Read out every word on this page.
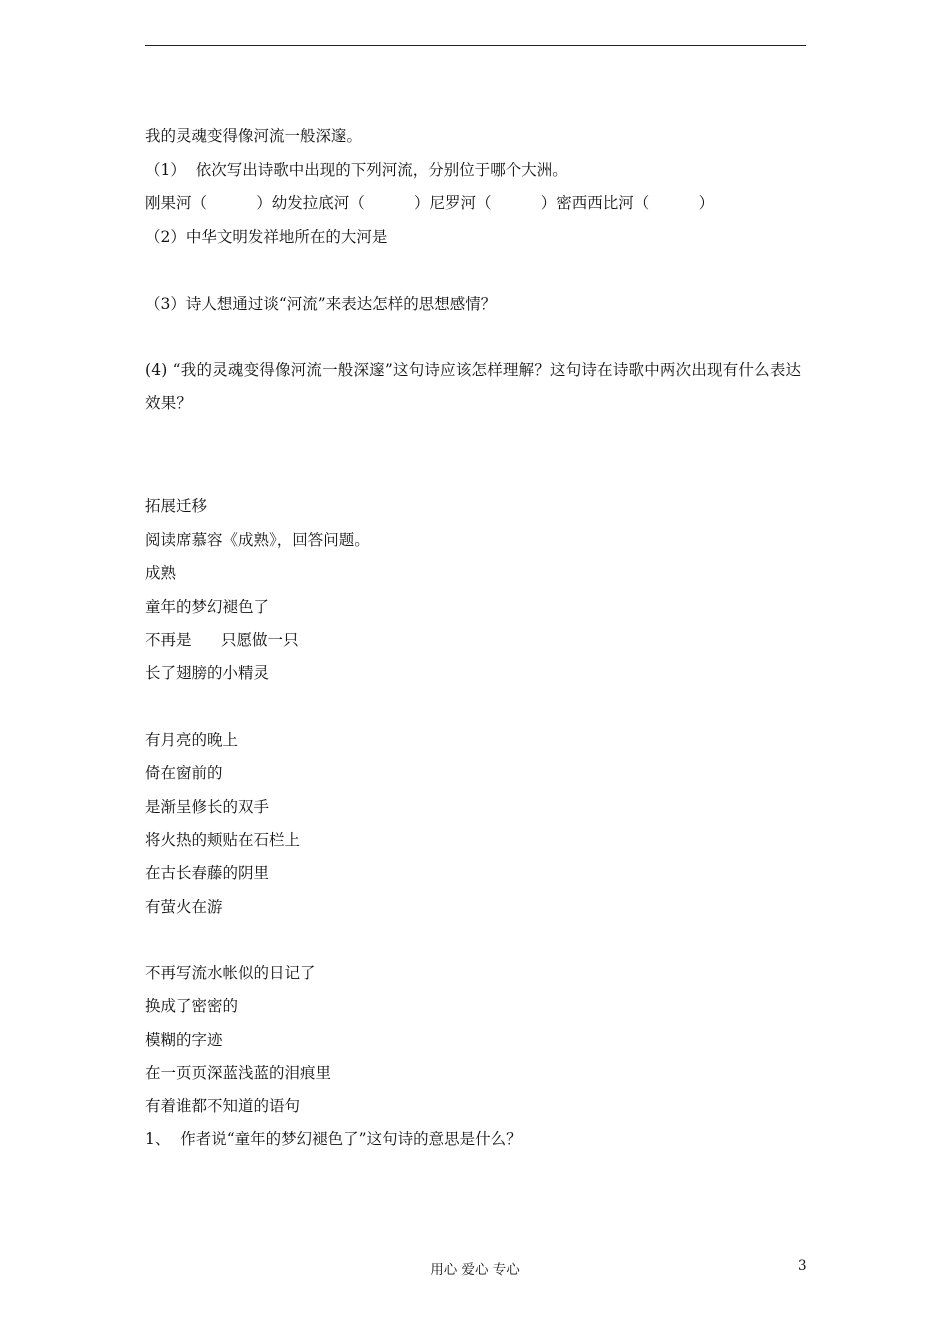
我的灵魂变得像河流一般深邃。
（1）  依次写出诗歌中出现的下列河流，分别位于哪个大洲。
刚果河（          ）幼发拉底河（          ）尼罗河（          ）密西西比河（          ）
（2）中华文明发祥地所在的大河是
（3）诗人想通过谈“河流”来表达怎样的思想感情？
(4) “我的灵魂变得像河流一般深邃”这句诗应该怎样理解？这句诗在诗歌中两次出现有什么表达效果？
拓展迁移
阅读席慕容《成熟》，回答问题。
成熟
童年的梦幻褪色了
不再是      只愿做一只
长了翅膀的小精灵
有月亮的晚上
倚在窗前的
是渐呈修长的双手
将火热的颊贴在石栏上
在古长春藤的阴里
有萤火在游
不再写流水帐似的日记了
换成了密密的
模糊的字迹
在一页页深蓝浅蓝的泪痕里
有着谁都不知道的语句
1、  作者说“童年的梦幻褪色了”这句诗的意思是什么？
用心 爱心 专心	3
